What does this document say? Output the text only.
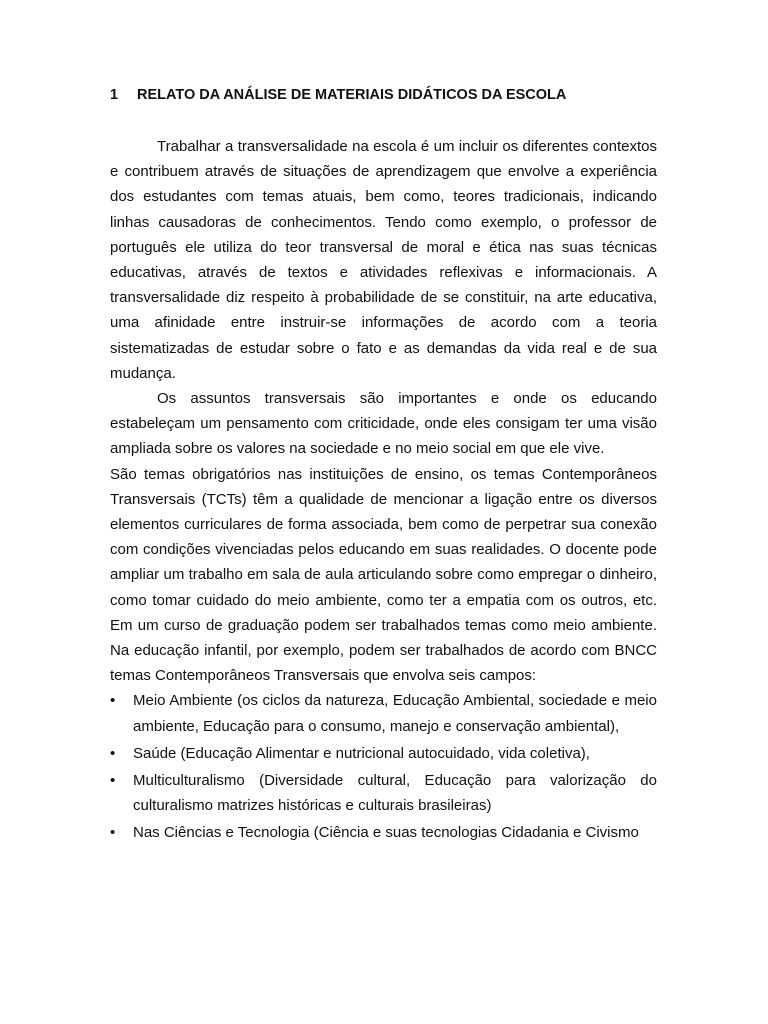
1 RELATO DA ANÁLISE DE MATERIAIS DIDÁTICOS DA ESCOLA

Trabalhar a transversalidade na escola é um incluir os diferentes contextos e contribuem através de situações de aprendizagem que envolve a experiência dos estudantes com temas atuais, bem como, teores tradicionais, indicando linhas causadoras de conhecimentos. Tendo como exemplo, o professor de português ele utiliza do teor transversal de moral e ética nas suas técnicas educativas, através de textos e atividades reflexivas e informacionais. A transversalidade diz respeito à probabilidade de se constituir, na arte educativa, uma afinidade entre instruir-se informações de acordo com a teoria sistematizadas de estudar sobre o fato e as demandas da vida real e de sua mudança.

Os assuntos transversais são importantes e onde os educando estabeleçam um pensamento com criticidade, onde eles consigam ter uma visão ampliada sobre os valores na sociedade e no meio social em que ele vive.

São temas obrigatórios nas instituições de ensino, os temas Contemporâneos Transversais (TCTs) têm a qualidade de mencionar a ligação entre os diversos elementos curriculares de forma associada, bem como de perpetrar sua conexão com condições vivenciadas pelos educando em suas realidades. O docente pode ampliar um trabalho em sala de aula articulando sobre como empregar o dinheiro, como tomar cuidado do meio ambiente, como ter a empatia com os outros, etc. Em um curso de graduação podem ser trabalhados temas como meio ambiente. Na educação infantil, por exemplo, podem ser trabalhados de acordo com BNCC temas Contemporâneos Transversais que envolva seis campos:

•	Meio Ambiente (os ciclos da natureza, Educação Ambiental, sociedade e meio ambiente, Educação para o consumo, manejo e conservação ambiental),
•	Saúde (Educação Alimentar e nutricional autocuidado, vida coletiva),
•	Multiculturalismo (Diversidade cultural, Educação para valorização do culturalismo matrizes históricas e culturais brasileiras)
•	Nas Ciências e Tecnologia (Ciência e suas tecnologias Cidadania e Civismo
